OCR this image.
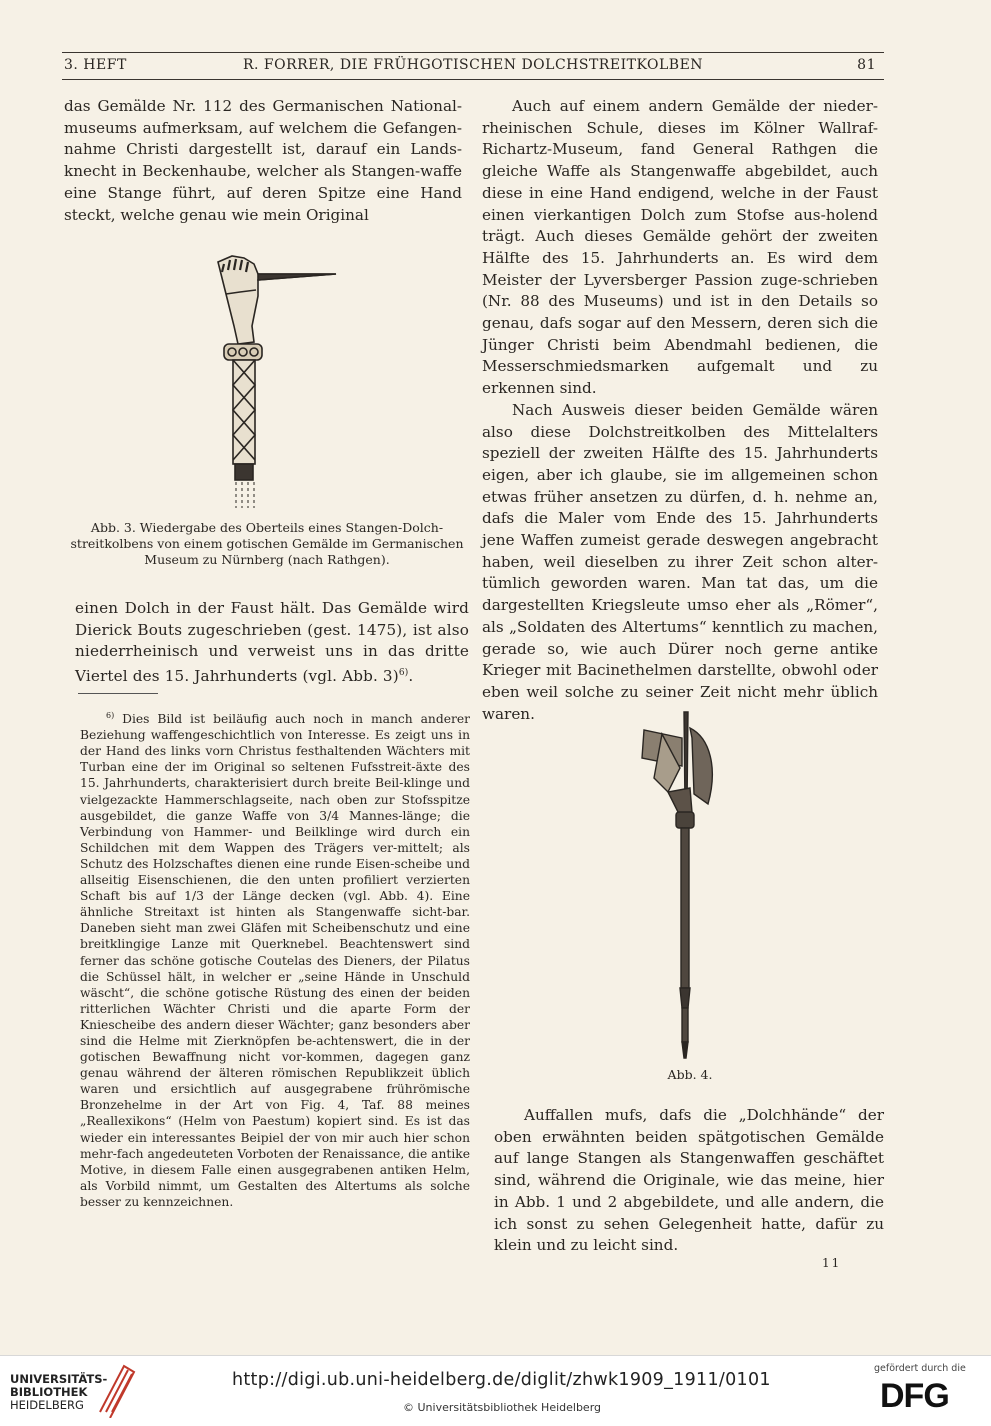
3. HEFT	R. FORRER, DIE FRÜHGOTISCHEN DOLCHSTREITKOLBEN	81

das Gemälde Nr. 112 des Germanischen National-museums aufmerksam, auf welchem die Gefangen-nahme Christi dargestellt ist, darauf ein Lands-knecht in Beckenhaube, welcher als Stangen-waffe eine Stange führt, auf deren Spitze eine Hand steckt, welche genau wie mein Original

Abb. 3. Wiedergabe des Oberteils eines Stangen-Dolch-streitkolbens von einem gotischen Gemälde im Germanischen Museum zu Nürnberg (nach Rathgen).

einen Dolch in der Faust hält. Das Gemälde wird Dierick Bouts zugeschrieben (gest. 1475), ist also niederrheinisch und verweist uns in das dritte Viertel des 15. Jahrhunderts (vgl. Abb. 3)$^{6)}$.

$^{6)}$ Dies Bild ist beiläufig auch noch in manch anderer Beziehung waffengeschichtlich von Interesse. Es zeigt uns in der Hand des links vorn Christus festhaltenden Wächters mit Turban eine der im Original so seltenen Fufsstreit-äxte des 15. Jahrhunderts, charakterisiert durch breite Beil-klinge und vielgezackte Hammerschlagseite, nach oben zur Stofsspitze ausgebildet, die ganze Waffe von 3/4 Mannes-länge; die Verbindung von Hammer- und Beilklinge wird durch ein Schildchen mit dem Wappen des Trägers ver-mittelt; als Schutz des Holzschaftes dienen eine runde Eisen-scheibe und allseitig Eisenschienen, die den unten profiliert verzierten Schaft bis auf 1/3 der Länge decken (vgl. Abb. 4). Eine ähnliche Streitaxt ist hinten als Stangenwaffe sicht-bar. Daneben sieht man zwei Gläfen mit Scheibenschutz und eine breitklingige Lanze mit Querknebel. Beachtenswert sind ferner das schöne gotische Coutelas des Dieners, der Pilatus die Schüssel hält, in welcher er „seine Hände in Unschuld wäscht“, die schöne gotische Rüstung des einen der beiden ritterlichen Wächter Christi und die aparte Form der Kniescheibe des andern dieser Wächter; ganz besonders aber sind die Helme mit Zierknöpfen be-achtenswert, die in der gotischen Bewaffnung nicht vor-kommen, dagegen ganz genau während der älteren römischen Republikzeit üblich waren und ersichtlich auf ausgegrabene frührömische Bronzehelme in der Art von Fig. 4, Taf. 88 meines „Reallexikons“ (Helm von Paestum) kopiert sind. Es ist das wieder ein interessantes Beipiel der von mir auch hier schon mehr-fach angedeuteten Vorboten der Renaissance, die antike Motive, in diesem Falle einen ausgegrabenen antiken Helm, als Vorbild nimmt, um Gestalten des Altertums als solche besser zu kennzeichnen.

Auch auf einem andern Gemälde der nieder-rheinischen Schule, dieses im Kölner Wallraf-Richartz-Museum, fand General Rathgen die gleiche Waffe als Stangenwaffe abgebildet, auch diese in eine Hand endigend, welche in der Faust einen vierkantigen Dolch zum Stofse aus-holend trägt. Auch dieses Gemälde gehört der zweiten Hälfte des 15. Jahrhunderts an. Es wird dem Meister der Lyversberger Passion zuge-schrieben (Nr. 88 des Museums) und ist in den Details so genau, dafs sogar auf den Messern, deren sich die Jünger Christi beim Abendmahl bedienen, die Messerschmiedsmarken aufgemalt und zu erkennen sind.

Nach Ausweis dieser beiden Gemälde wären also diese Dolchstreitkolben des Mittelalters speziell der zweiten Hälfte des 15. Jahrhunderts eigen, aber ich glaube, sie im allgemeinen schon etwas früher ansetzen zu dürfen, d. h. nehme an, dafs die Maler vom Ende des 15. Jahrhunderts jene Waffen zumeist gerade deswegen angebracht haben, weil dieselben zu ihrer Zeit schon alter-tümlich geworden waren. Man tat das, um die dargestellten Kriegsleute umso eher als „Römer“, als „Soldaten des Altertums“ kenntlich zu machen, gerade so, wie auch Dürer noch gerne antike Krieger mit Bacinethelmen darstellte, obwohl oder eben weil solche zu seiner Zeit nicht mehr üblich waren.

Abb. 4.

Auffallen mufs, dafs die „Dolchhände“ der oben erwähnten beiden spätgotischen Gemälde auf lange Stangen als Stangenwaffen geschäftet sind, während die Originale, wie das meine, hier in Abb. 1 und 2 abgebildete, und alle andern, die ich sonst zu sehen Gelegenheit hatte, dafür zu klein und zu leicht sind.

11
UNIVERSITÄTS-
BIBLIOTHEK
HEIDELBERG
http://digi.ub.uni-heidelberg.de/diglit/zhwk1909_1911/0101
© Universitätsbibliothek Heidelberg
gefördert durch die
DFG
